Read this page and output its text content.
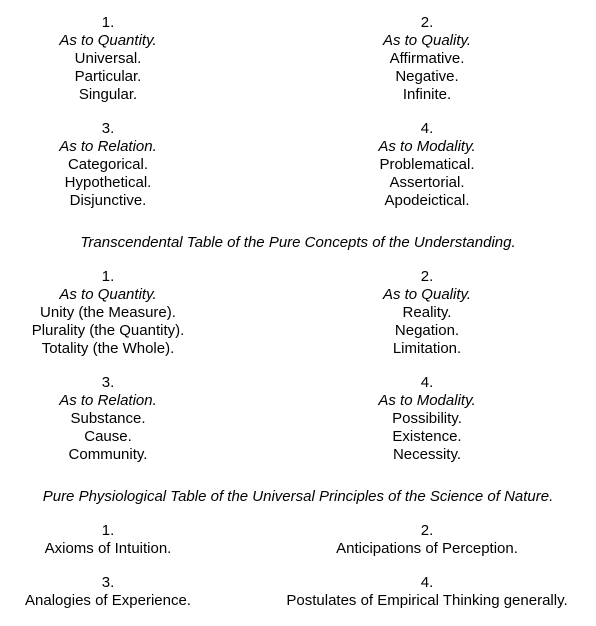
1.
As to Quantity.
Universal.
Particular.
Singular.
2.
As to Quality.
Affirmative.
Negative.
Infinite.
3.
As to Relation.
Categorical.
Hypothetical.
Disjunctive.
4.
As to Modality.
Problematical.
Assertorial.
Apodeictical.
Transcendental Table of the Pure Concepts of the Understanding.
1.
As to Quantity.
Unity (the Measure).
Plurality (the Quantity).
Totality (the Whole).
2.
As to Quality.
Reality.
Negation.
Limitation.
3.
As to Relation.
Substance.
Cause.
Community.
4.
As to Modality.
Possibility.
Existence.
Necessity.
Pure Physiological Table of the Universal Principles of the Science of Nature.
1.
Axioms of Intuition.
2.
Anticipations of Perception.
3.
Analogies of Experience.
4.
Postulates of Empirical Thinking generally.
